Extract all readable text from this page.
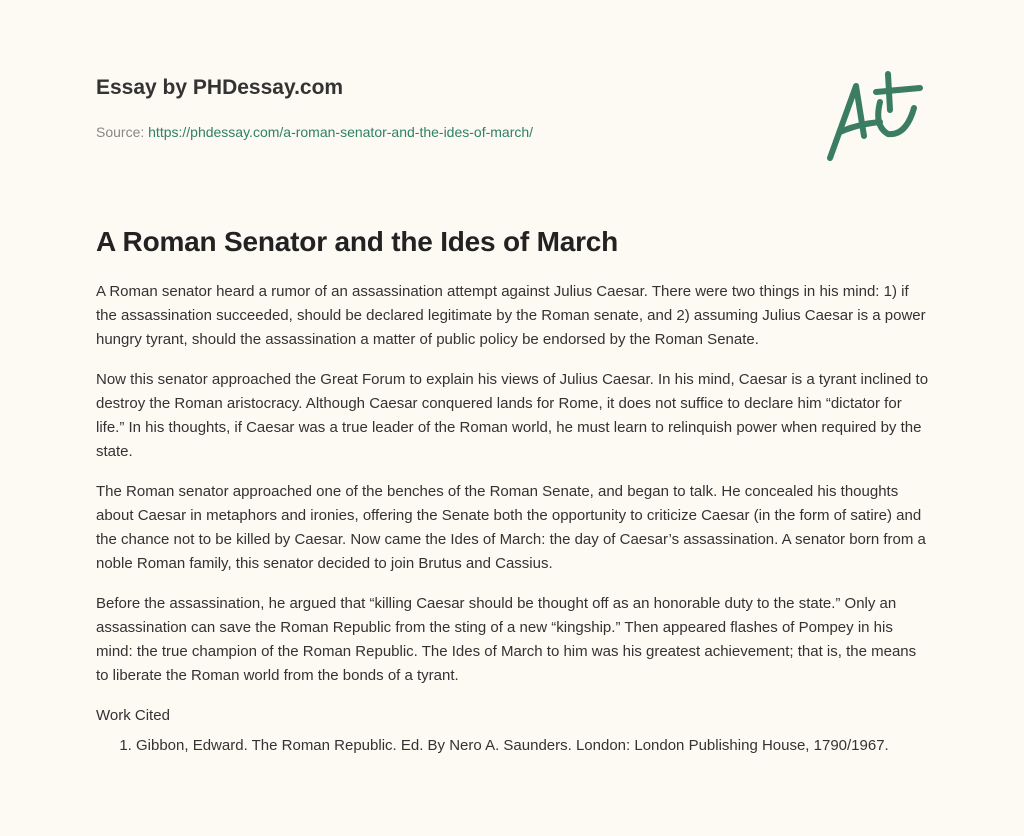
Essay by PHDessay.com
Source: https://phdessay.com/a-roman-senator-and-the-ides-of-march/
A Roman Senator and the Ides of March

A Roman senator heard a rumor of an assassination attempt against Julius Caesar. There were two things in his mind: 1) if the assassination succeeded, should be declared legitimate by the Roman senate, and 2) assuming Julius Caesar is a power hungry tyrant, should the assassination a matter of public policy be endorsed by the Roman Senate.

Now this senator approached the Great Forum to explain his views of Julius Caesar. In his mind, Caesar is a tyrant inclined to destroy the Roman aristocracy. Although Caesar conquered lands for Rome, it does not suffice to declare him “dictator for life.” In his thoughts, if Caesar was a true leader of the Roman world, he must learn to relinquish power when required by the state.

The Roman senator approached one of the benches of the Roman Senate, and began to talk. He concealed his thoughts about Caesar in metaphors and ironies, offering the Senate both the opportunity to criticize Caesar (in the form of satire) and the chance not to be killed by Caesar. Now came the Ides of March: the day of Caesar’s assassination. A senator born from a noble Roman family, this senator decided to join Brutus and Cassius.

Before the assassination, he argued that “killing Caesar should be thought off as an honorable duty to the state.” Only an assassination can save the Roman Republic from the sting of a new “kingship.” Then appeared flashes of Pompey in his mind: the true champion of the Roman Republic. The Ides of March to him was his greatest achievement; that is, the means to liberate the Roman world from the bonds of a tyrant.

Work Cited

1. Gibbon, Edward. The Roman Republic. Ed. By Nero A. Saunders. London: London Publishing House, 1790/1967.
